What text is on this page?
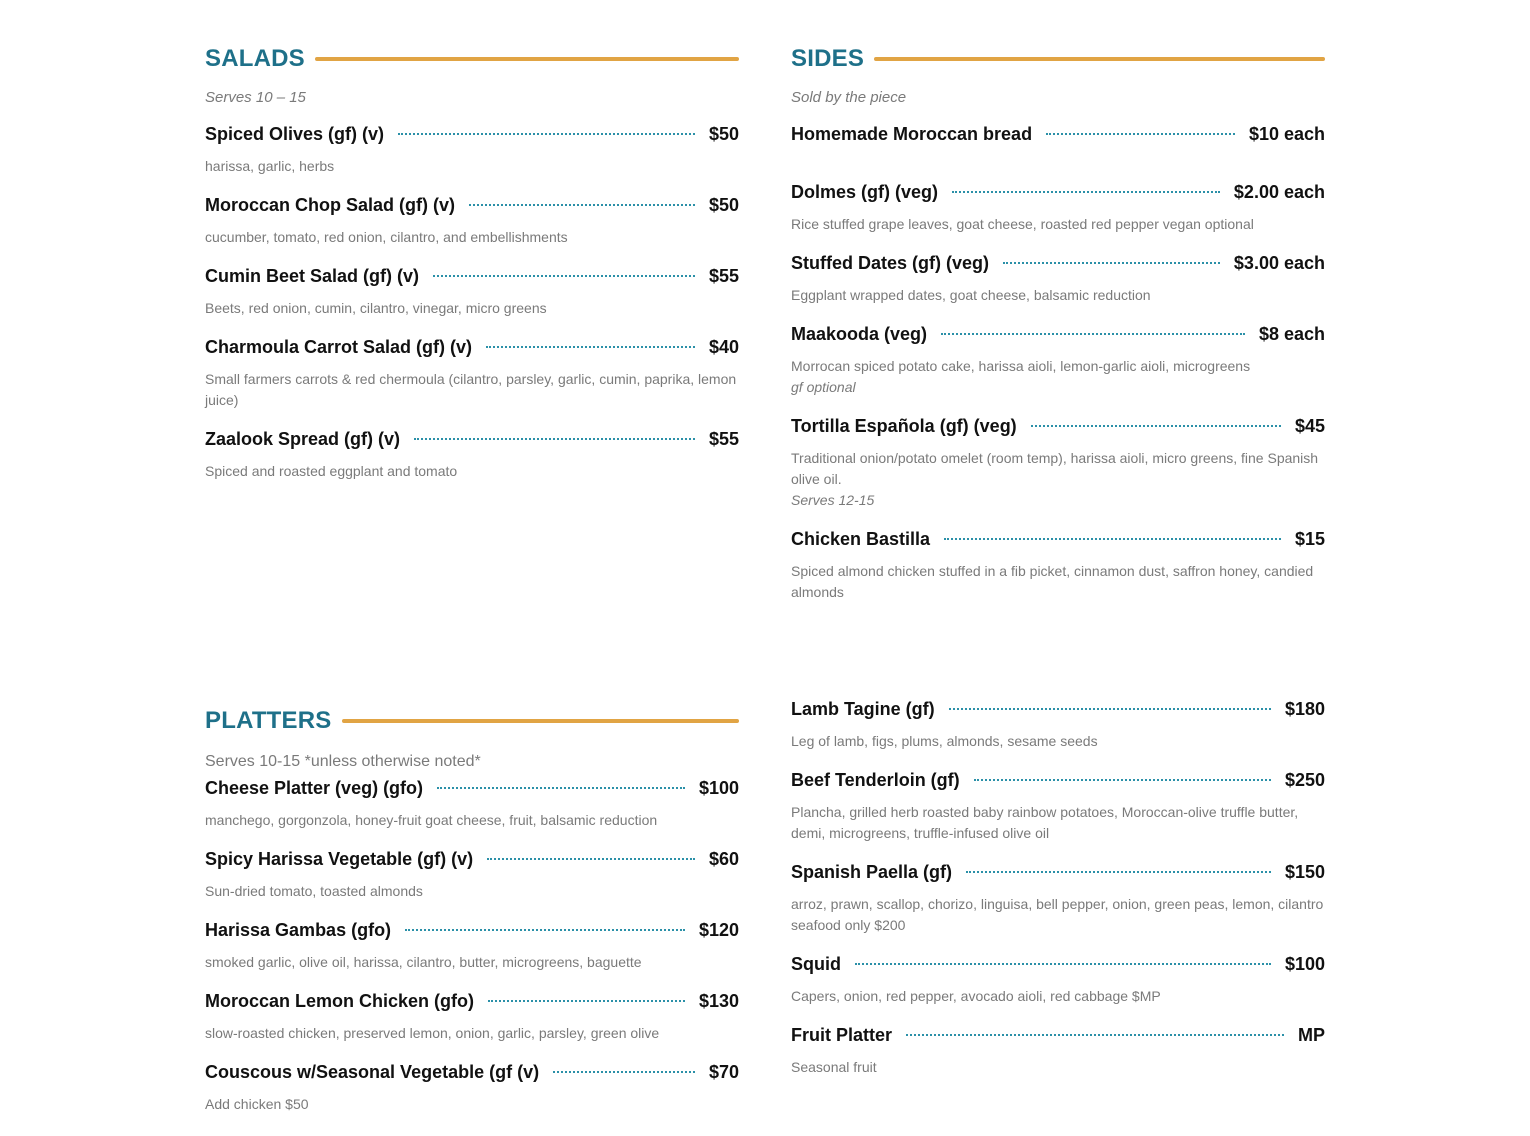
SALADS
Serves 10 – 15
Spiced Olives (gf) (v)	$50
harissa, garlic, herbs
Moroccan Chop Salad (gf) (v)	$50
cucumber, tomato, red onion, cilantro, and embellishments
Cumin Beet Salad (gf) (v)	$55
Beets, red onion, cumin, cilantro, vinegar, micro greens
Charmoula Carrot Salad (gf) (v)	$40
Small farmers carrots & red chermoula (cilantro, parsley, garlic, cumin, paprika, lemon juice)
Zaalook Spread (gf) (v)	$55
Spiced and roasted eggplant and tomato
SIDES
Sold by the piece
Homemade Moroccan bread	$10 each
Dolmes (gf) (veg)	$2.00 each
Rice stuffed grape leaves, goat cheese, roasted red pepper vegan optional
Stuffed Dates (gf) (veg)	$3.00 each
Eggplant wrapped dates, goat cheese, balsamic reduction
Maakooda (veg)	$8 each
Morrocan spiced potato cake, harissa aioli, lemon-garlic aioli, microgreens
gf optional
Tortilla Española (gf) (veg)	$45
Traditional onion/potato omelet (room temp), harissa aioli, micro greens, fine Spanish olive oil.
Serves 12-15
Chicken Bastilla	$15
Spiced almond chicken stuffed in a fib picket, cinnamon dust, saffron honey, candied almonds
PLATTERS
Serves 10-15 *unless otherwise noted*
Cheese Platter (veg) (gfo)	$100
manchego, gorgonzola, honey-fruit goat cheese, fruit, balsamic reduction
Spicy Harissa Vegetable (gf) (v)	$60
Sun-dried tomato, toasted almonds
Harissa Gambas (gfo)	$120
smoked garlic, olive oil, harissa, cilantro, butter, microgreens, baguette
Moroccan Lemon Chicken (gfo)	$130
slow-roasted chicken, preserved lemon, onion, garlic, parsley, green olive
Couscous w/Seasonal Vegetable (gf (v)	$70
Add chicken $50
Lamb Tagine (gf)	$180
Leg of lamb, figs, plums, almonds, sesame seeds
Beef Tenderloin (gf)	$250
Plancha, grilled herb roasted baby rainbow potatoes, Moroccan-olive truffle butter, demi, microgreens, truffle-infused olive oil
Spanish Paella (gf)	$150
arroz, prawn, scallop, chorizo, linguisa, bell pepper, onion, green peas, lemon, cilantro seafood only $200
Squid	$100
Capers, onion, red pepper, avocado aioli, red cabbage $MP
Fruit Platter	MP
Seasonal fruit
